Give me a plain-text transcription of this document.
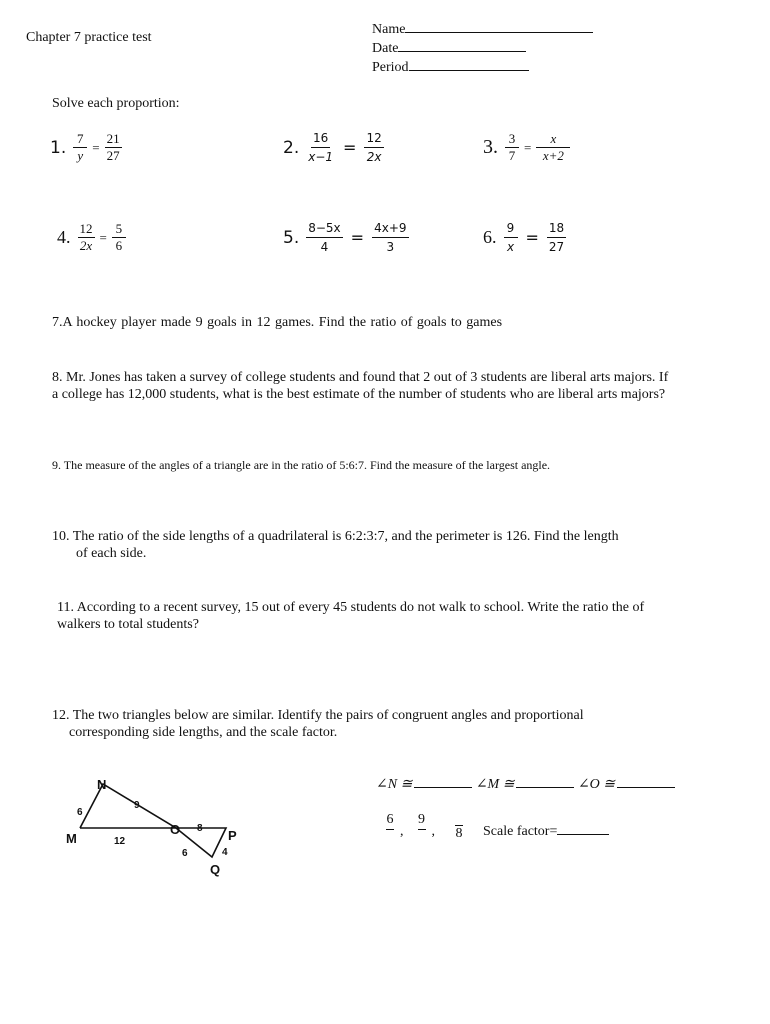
Chapter 7 practice test
Name
Date
Period
Solve each proportion:
1. $\frac{7}{y} = \frac{21}{27}$	2. $\frac{16}{x-1} = \frac{12}{2x}$	3. $\frac{3}{7} = \frac{x}{x+2}$
4. $\frac{12}{2x} = \frac{5}{6}$	5. $\frac{8-5x}{4} = \frac{4x+9}{3}$	6. $\frac{9}{x} = \frac{18}{27}$
7.A hockey player made 9 goals in 12 games. Find the ratio of goals to games
8. Mr. Jones has taken a survey of college students and found that 2 out of 3 students are liberal arts majors. If
a college has 12,000 students, what is the best estimate of the number of students who are liberal arts majors?
9. The measure of the angles of a triangle are in the ratio of 5:6:7. Find the measure of the largest angle.
10. The ratio of the side lengths of a quadrilateral is 6:2:3:7, and the perimeter is 126. Find the length
of each side.
11. According to a recent survey, 15 out of every 45 students do not walk to school. Write the ratio the of
walkers to total students?
12. The two triangles below are similar. Identify the pairs of congruent angles and proportional
corresponding side lengths, and the scale factor.
N
M
O	P
Q
6
9
12
8
6	4
∠N ≅	∠M ≅	∠O ≅
6
,
9
, 8 Scale factor=
